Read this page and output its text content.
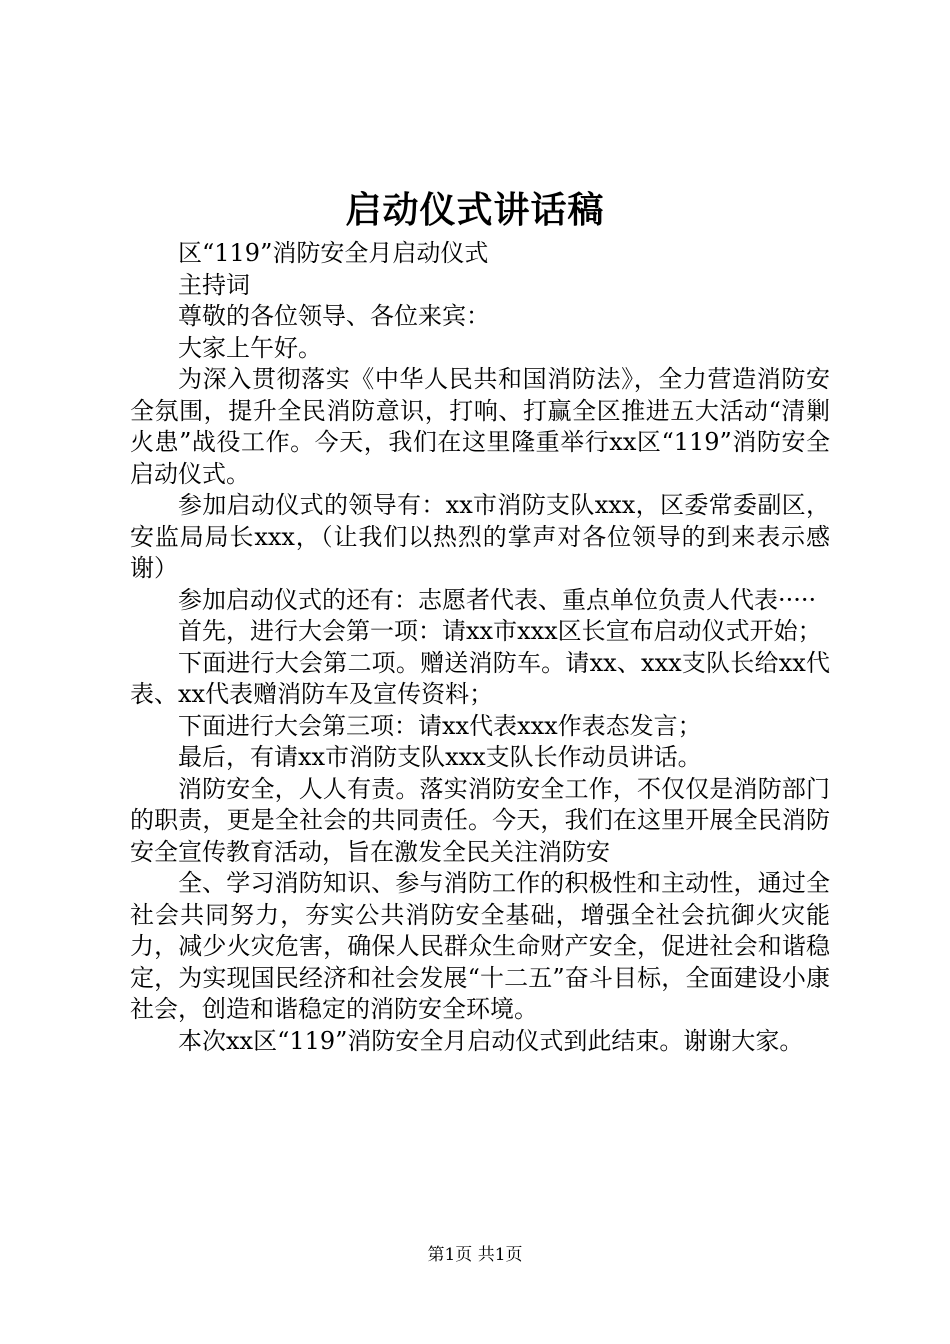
启动仪式讲话稿

区“119”消防安全月启动仪式

主持词

尊敬的各位领导、各位来宾：

大家上午好。

为深入贯彻落实《中华人民共和国消防法》，全力营造消防安全氛围，提升全民消防意识，打响、打赢全区推进五大活动“清剿火患”战役工作。今天，我们在这里隆重举行xx区“119”消防安全启动仪式。

参加启动仪式的领导有：xx市消防支队xxx，区委常委副区，安监局局长xxx，（让我们以热烈的掌声对各位领导的到来表示感谢）

参加启动仪式的还有：志愿者代表、重点单位负责人代表·····

首先，进行大会第一项：请xx市xxx区长宣布启动仪式开始；

下面进行大会第二项。赠送消防车。请xx、xxx支队长给xx代表、xx代表赠消防车及宣传资料；

下面进行大会第三项：请xx代表xxx作表态发言；

最后，有请xx市消防支队xxx支队长作动员讲话。

消防安全，人人有责。落实消防安全工作，不仅仅是消防部门的职责，更是全社会的共同责任。今天，我们在这里开展全民消防安全宣传教育活动，旨在激发全民关注消防安

全、学习消防知识、参与消防工作的积极性和主动性，通过全社会共同努力，夯实公共消防安全基础，增强全社会抗御火灾能力，减少火灾危害，确保人民群众生命财产安全，促进社会和谐稳定，为实现国民经济和社会发展“十二五”奋斗目标，全面建设小康社会，创造和谐稳定的消防安全环境。

本次xx区“119”消防安全月启动仪式到此结束。谢谢大家。

第1页 共1页
